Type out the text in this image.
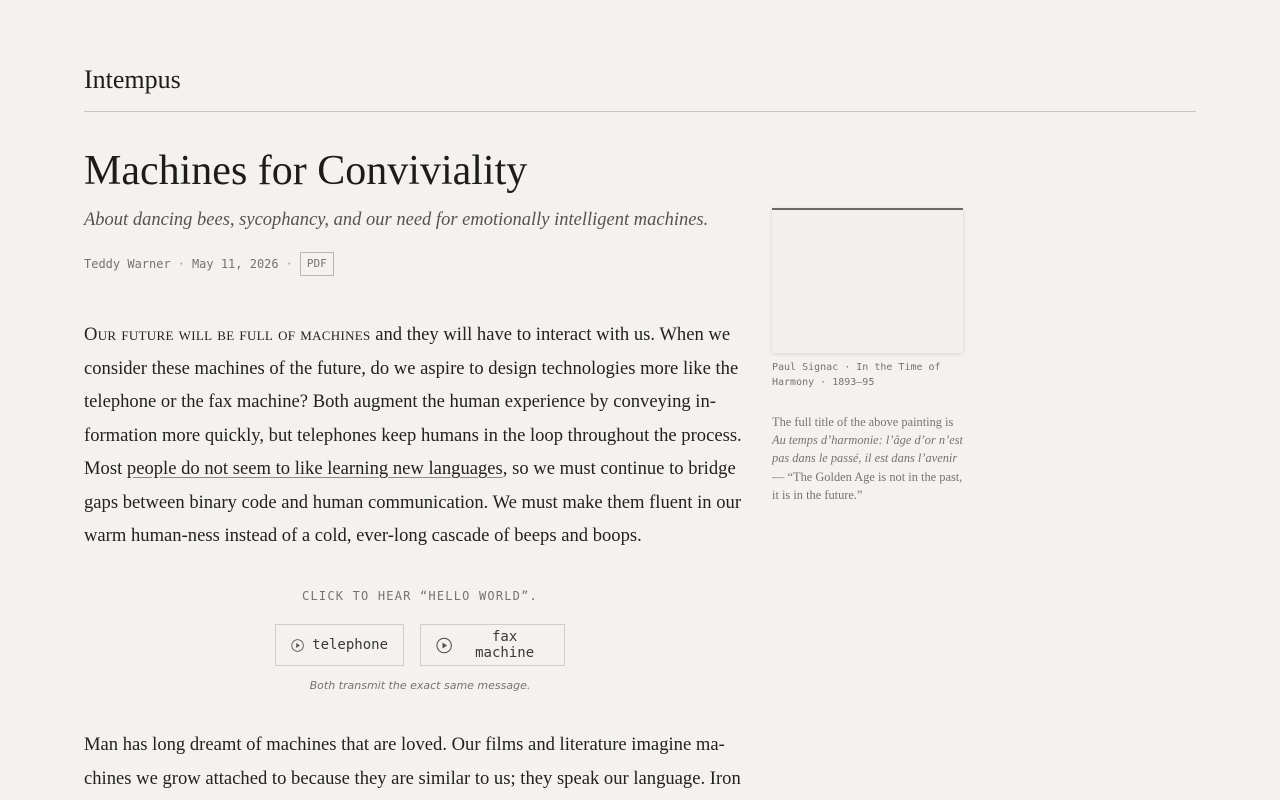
Intempus
Machines for Conviviality

About dancing bees, sycophancy, and our need for emotionally intelligent machines.

Teddy Warner · May 11, 2026 ·	PDF

Our future will be full of machines and they will have to interact with us. When we consider these machines of the future, do we aspire to design technologies more like the telephone or the fax machine? Both augment the human experience by conveying information more quickly, but telephones keep humans in the loop throughout the process. Most people do not seem to like learning new languages, so we must continue to bridge gaps between binary code and human communication. We must make them fluent in our warm human-ness instead of a cold, ever-long cascade of beeps and boops.

CLICK TO HEAR “HELLO WORLD”.
telephone	fax machine
Both transmit the exact same message.

Man has long dreamt of machines that are loved. Our films and literature imagine machines we grow attached to because they are similar to us; they speak our language. Iron

Paul Signac · In the Time of Harmony · 1893–95
The full title of the above painting is Au temps d’harmonie: l’âge d’or n’est pas dans le passé, il est dans l’avenir — “The Golden Age is not in the past, it is in the future.”
